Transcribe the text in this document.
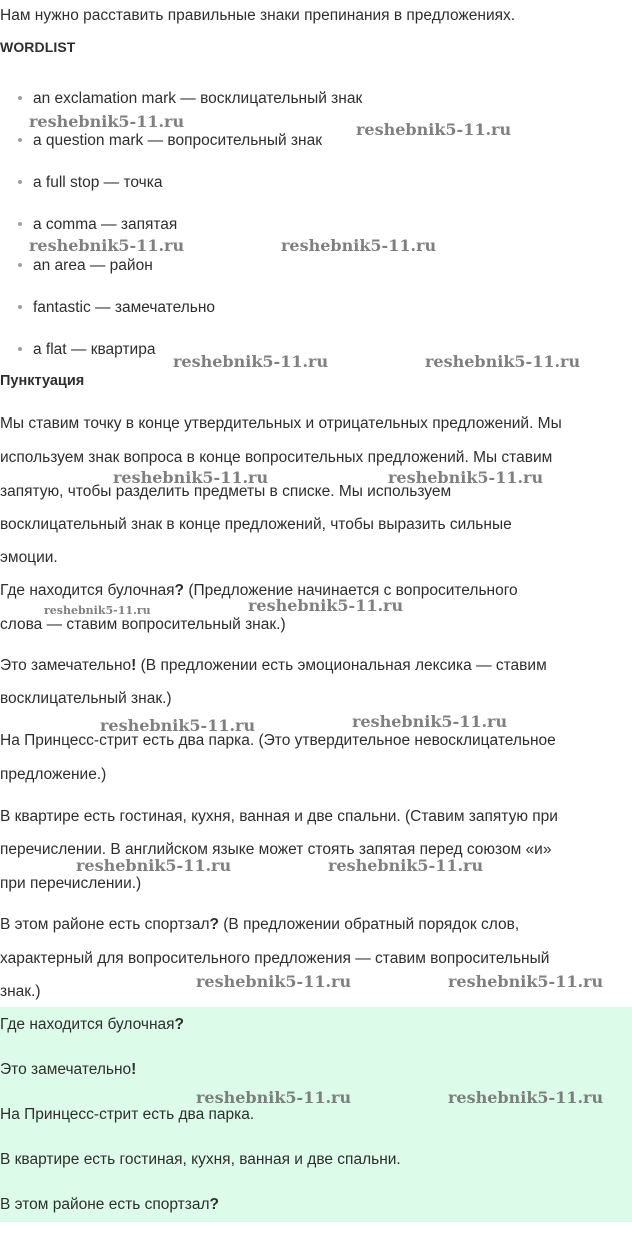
Нам нужно расставить правильные знаки препинания в предложениях.
WORDLIST
an exclamation mark — восклицательный знак
a question mark — вопросительный знак
a full stop — точка
a comma — запятая
an area — район
fantastic — замечательно
a flat — квартира
Пунктуация
Мы ставим точку в конце утвердительных и отрицательных предложений. Мы
используем знак вопроса в конце вопросительных предложений. Мы ставим
запятую, чтобы разделить предметы в списке. Мы используем
восклицательный знак в конце предложений, чтобы выразить сильные
эмоции.
Где находится булочная? (Предложение начинается с вопросительного
слова — ставим вопросительный знак.)
Это замечательно! (В предложении есть эмоциональная лексика — ставим
восклицательный знак.)
На Принцесс-стрит есть два парка. (Это утвердительное невосклицательное
предложение.)
В квартире есть гостиная, кухня, ванная и две спальни. (Ставим запятую при
перечислении. В английском языке может стоять запятая перед союзом «и»
при перечислении.)
В этом районе есть спортзал? (В предложении обратный порядок слов,
характерный для вопросительного предложения — ставим вопросительный
знак.)
Где находится булочная?
Это замечательно!
На Принцесс-стрит есть два парка.
В квартире есть гостиная, кухня, ванная и две спальни.
В этом районе есть спортзал?
reshebnik5-11.ru	reshebnik5-11.ru
reshebnik5-11.ru	reshebnik5-11.ru
reshebnik5-11.ru	reshebnik5-11.ru
reshebnik5-11.ru	reshebnik5-11.ru
reshebnik5-11.ru	reshebnik5-11.ru
reshebnik5-11.ru	reshebnik5-11.ru
reshebnik5-11.ru	reshebnik5-11.ru
reshebnik5-11.ru	reshebnik5-11.ru
reshebnik5-11.ru	reshebnik5-11.ru
